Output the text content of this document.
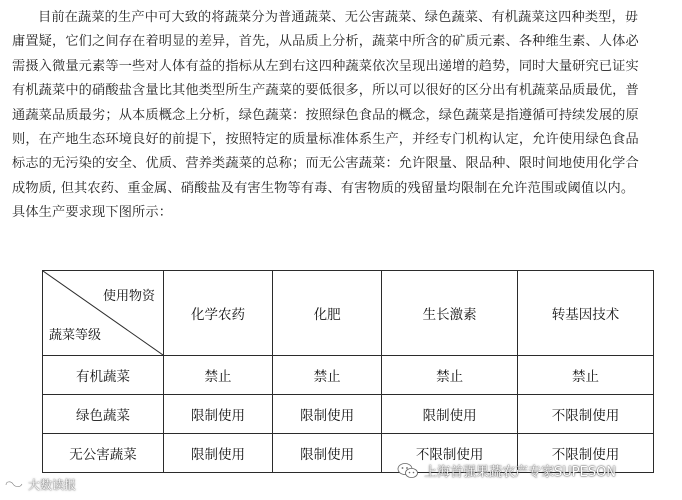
目前在蔬菜的生产中可大致的将蔬菜分为普通蔬菜、无公害蔬菜、绿色蔬菜、有机蔬菜这四种类型，毋
庸置疑，它们之间存在着明显的差异，首先，从品质上分析，蔬菜中所含的矿质元素、各种维生素、人体必
需摄入微量元素等一些对人体有益的指标从左到右这四种蔬菜依次呈现出递增的趋势，同时大量研究已证实
有机蔬菜中的硝酸盐含量比其他类型所生产蔬菜的要低很多，所以可以很好的区分出有机蔬菜品质最优，普
通蔬菜品质最劣；从本质概念上分析，绿色蔬菜：按照绿色食品的概念，绿色蔬菜是指遵循可持续发展的原
则，在产地生态环境良好的前提下，按照特定的质量标准体系生产，并经专门机构认定，允许使用绿色食品
标志的无污染的安全、优质、营养类蔬菜的总称；而无公害蔬菜：允许限量、限品种、限时间地使用化学合
成物质, 但其农药、重金属、硝酸盐及有害生物等有毒、有害物质的残留量均限制在允许范围或阈值以内。
具体生产要求现下图所示：
使用物资
蔬菜等级	化学农药	化肥	生长激素	转基因技术
有机蔬菜	禁止	禁止	禁止	禁止
绿色蔬菜	限制使用	限制使用	限制使用	不限制使用
无公害蔬菜	限制使用	限制使用	不限制使用	不限制使用
大数读报
上海首强果蔬农产专家SUPESON
